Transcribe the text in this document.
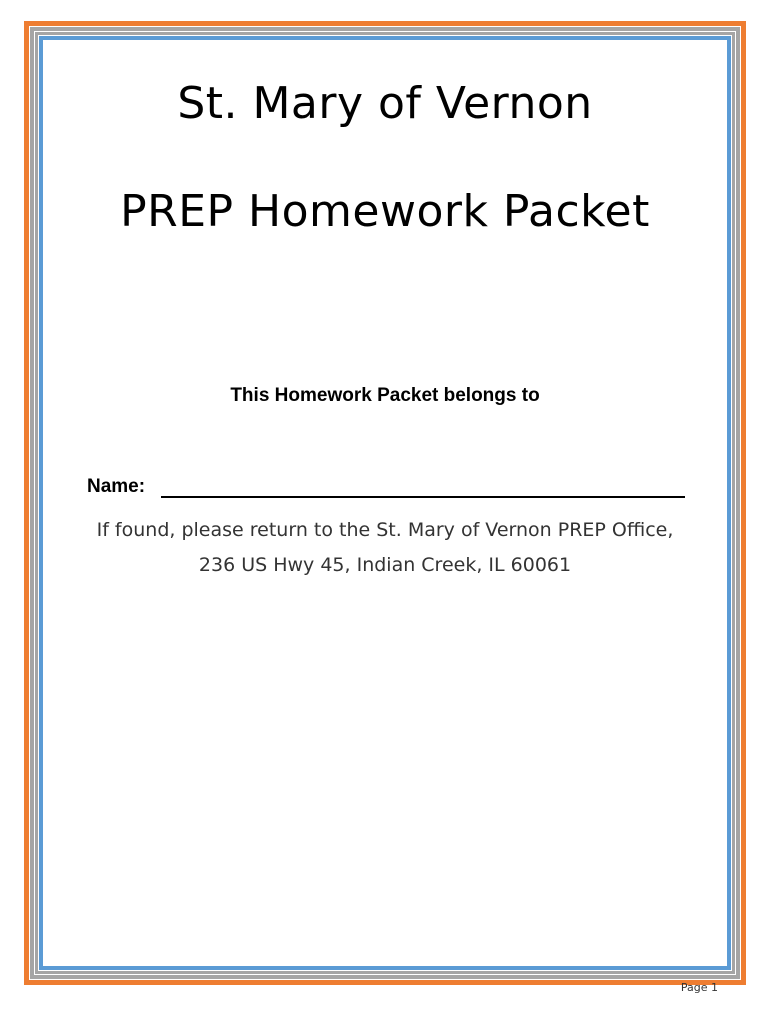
St. Mary of Vernon
PREP Homework Packet
This Homework Packet belongs to
Name:
If found, please return to the St. Mary of Vernon PREP Office,
236 US Hwy 45, Indian Creek, IL 60061
Page 1
